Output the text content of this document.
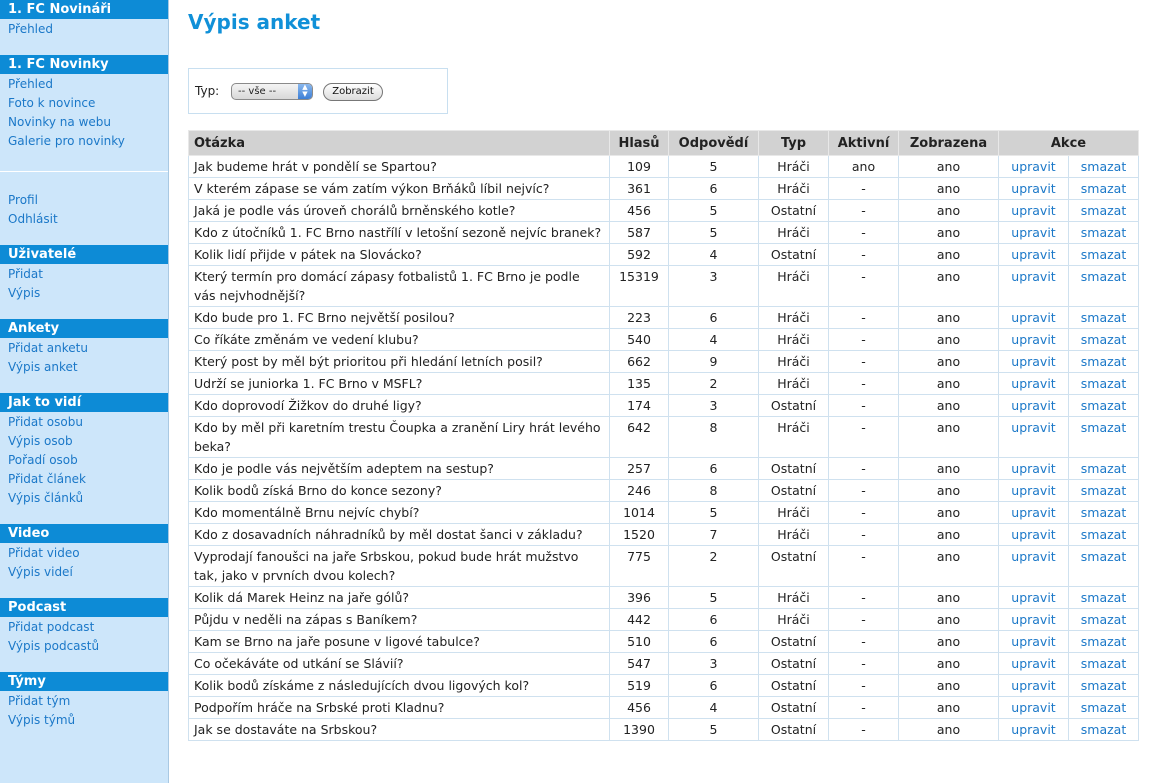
1. FC Novináři
Přehled
1. FC Novinky
Přehled
Foto k novince
Novinky na webu
Galerie pro novinky
Profil
Odhlásit
Uživatelé
Přidat
Výpis
Ankety
Přidat anketu
Výpis anket
Jak to vidí
Přidat osobu
Výpis osob
Pořadí osob
Přidat článek
Výpis článků
Video
Přidat video
Výpis videí
Podcast
Přidat podcast
Výpis podcastů
Týmy
Přidat tým
Výpis týmů
Výpis anket
Typ:	-- vše --	▲
▼	Zobrazit
Otázka	Hlasů	Odpovědí	Typ	Aktivní	Zobrazena	Akce	
Jak budeme hrát v pondělí se Spartou?	109	5	Hráči	ano	ano	upravit	smazat
V kterém zápase se vám zatím výkon Brňáků líbil nejvíc?	361	6	Hráči	-	ano	upravit	smazat
Jaká je podle vás úroveň chorálů brněnského kotle?	456	5	Ostatní	-	ano	upravit	smazat
Kdo z útočníků 1. FC Brno nastřílí v letošní sezoně nejvíc branek?	587	5	Hráči	-	ano	upravit	smazat
Kolik lidí přijde v pátek na Slovácko?	592	4	Ostatní	-	ano	upravit	smazat
Který termín pro domácí zápasy fotbalistů 1. FC Brno je podle vás nejvhodnější?	15319	3	Hráči	-	ano	upravit	smazat
Kdo bude pro 1. FC Brno největší posilou?	223	6	Hráči	-	ano	upravit	smazat
Co říkáte změnám ve vedení klubu?	540	4	Hráči	-	ano	upravit	smazat
Který post by měl být prioritou při hledání letních posil?	662	9	Hráči	-	ano	upravit	smazat
Udrží se juniorka 1. FC Brno v MSFL?	135	2	Hráči	-	ano	upravit	smazat
Kdo doprovodí Žižkov do druhé ligy?	174	3	Ostatní	-	ano	upravit	smazat
Kdo by měl při karetním trestu Čoupka a zranění Liry hrát levého beka?	642	8	Hráči	-	ano	upravit	smazat
Kdo je podle vás největším adeptem na sestup?	257	6	Ostatní	-	ano	upravit	smazat
Kolik bodů získá Brno do konce sezony?	246	8	Ostatní	-	ano	upravit	smazat
Kdo momentálně Brnu nejvíc chybí?	1014	5	Hráči	-	ano	upravit	smazat
Kdo z dosavadních náhradníků by měl dostat šanci v základu?	1520	7	Hráči	-	ano	upravit	smazat
Vyprodají fanoušci na jaře Srbskou, pokud bude hrát mužstvo tak, jako v prvních dvou kolech?	775	2	Ostatní	-	ano	upravit	smazat
Kolik dá Marek Heinz na jaře gólů?	396	5	Hráči	-	ano	upravit	smazat
Půjdu v neděli na zápas s Baníkem?	442	6	Hráči	-	ano	upravit	smazat
Kam se Brno na jaře posune v ligové tabulce?	510	6	Ostatní	-	ano	upravit	smazat
Co očekáváte od utkání se Slávií?	547	3	Ostatní	-	ano	upravit	smazat
Kolik bodů získáme z následujících dvou ligových kol?	519	6	Ostatní	-	ano	upravit	smazat
Podpořím hráče na Srbské proti Kladnu?	456	4	Ostatní	-	ano	upravit	smazat
Jak se dostaváte na Srbskou?	1390	5	Ostatní	-	ano	upravit	smazat
